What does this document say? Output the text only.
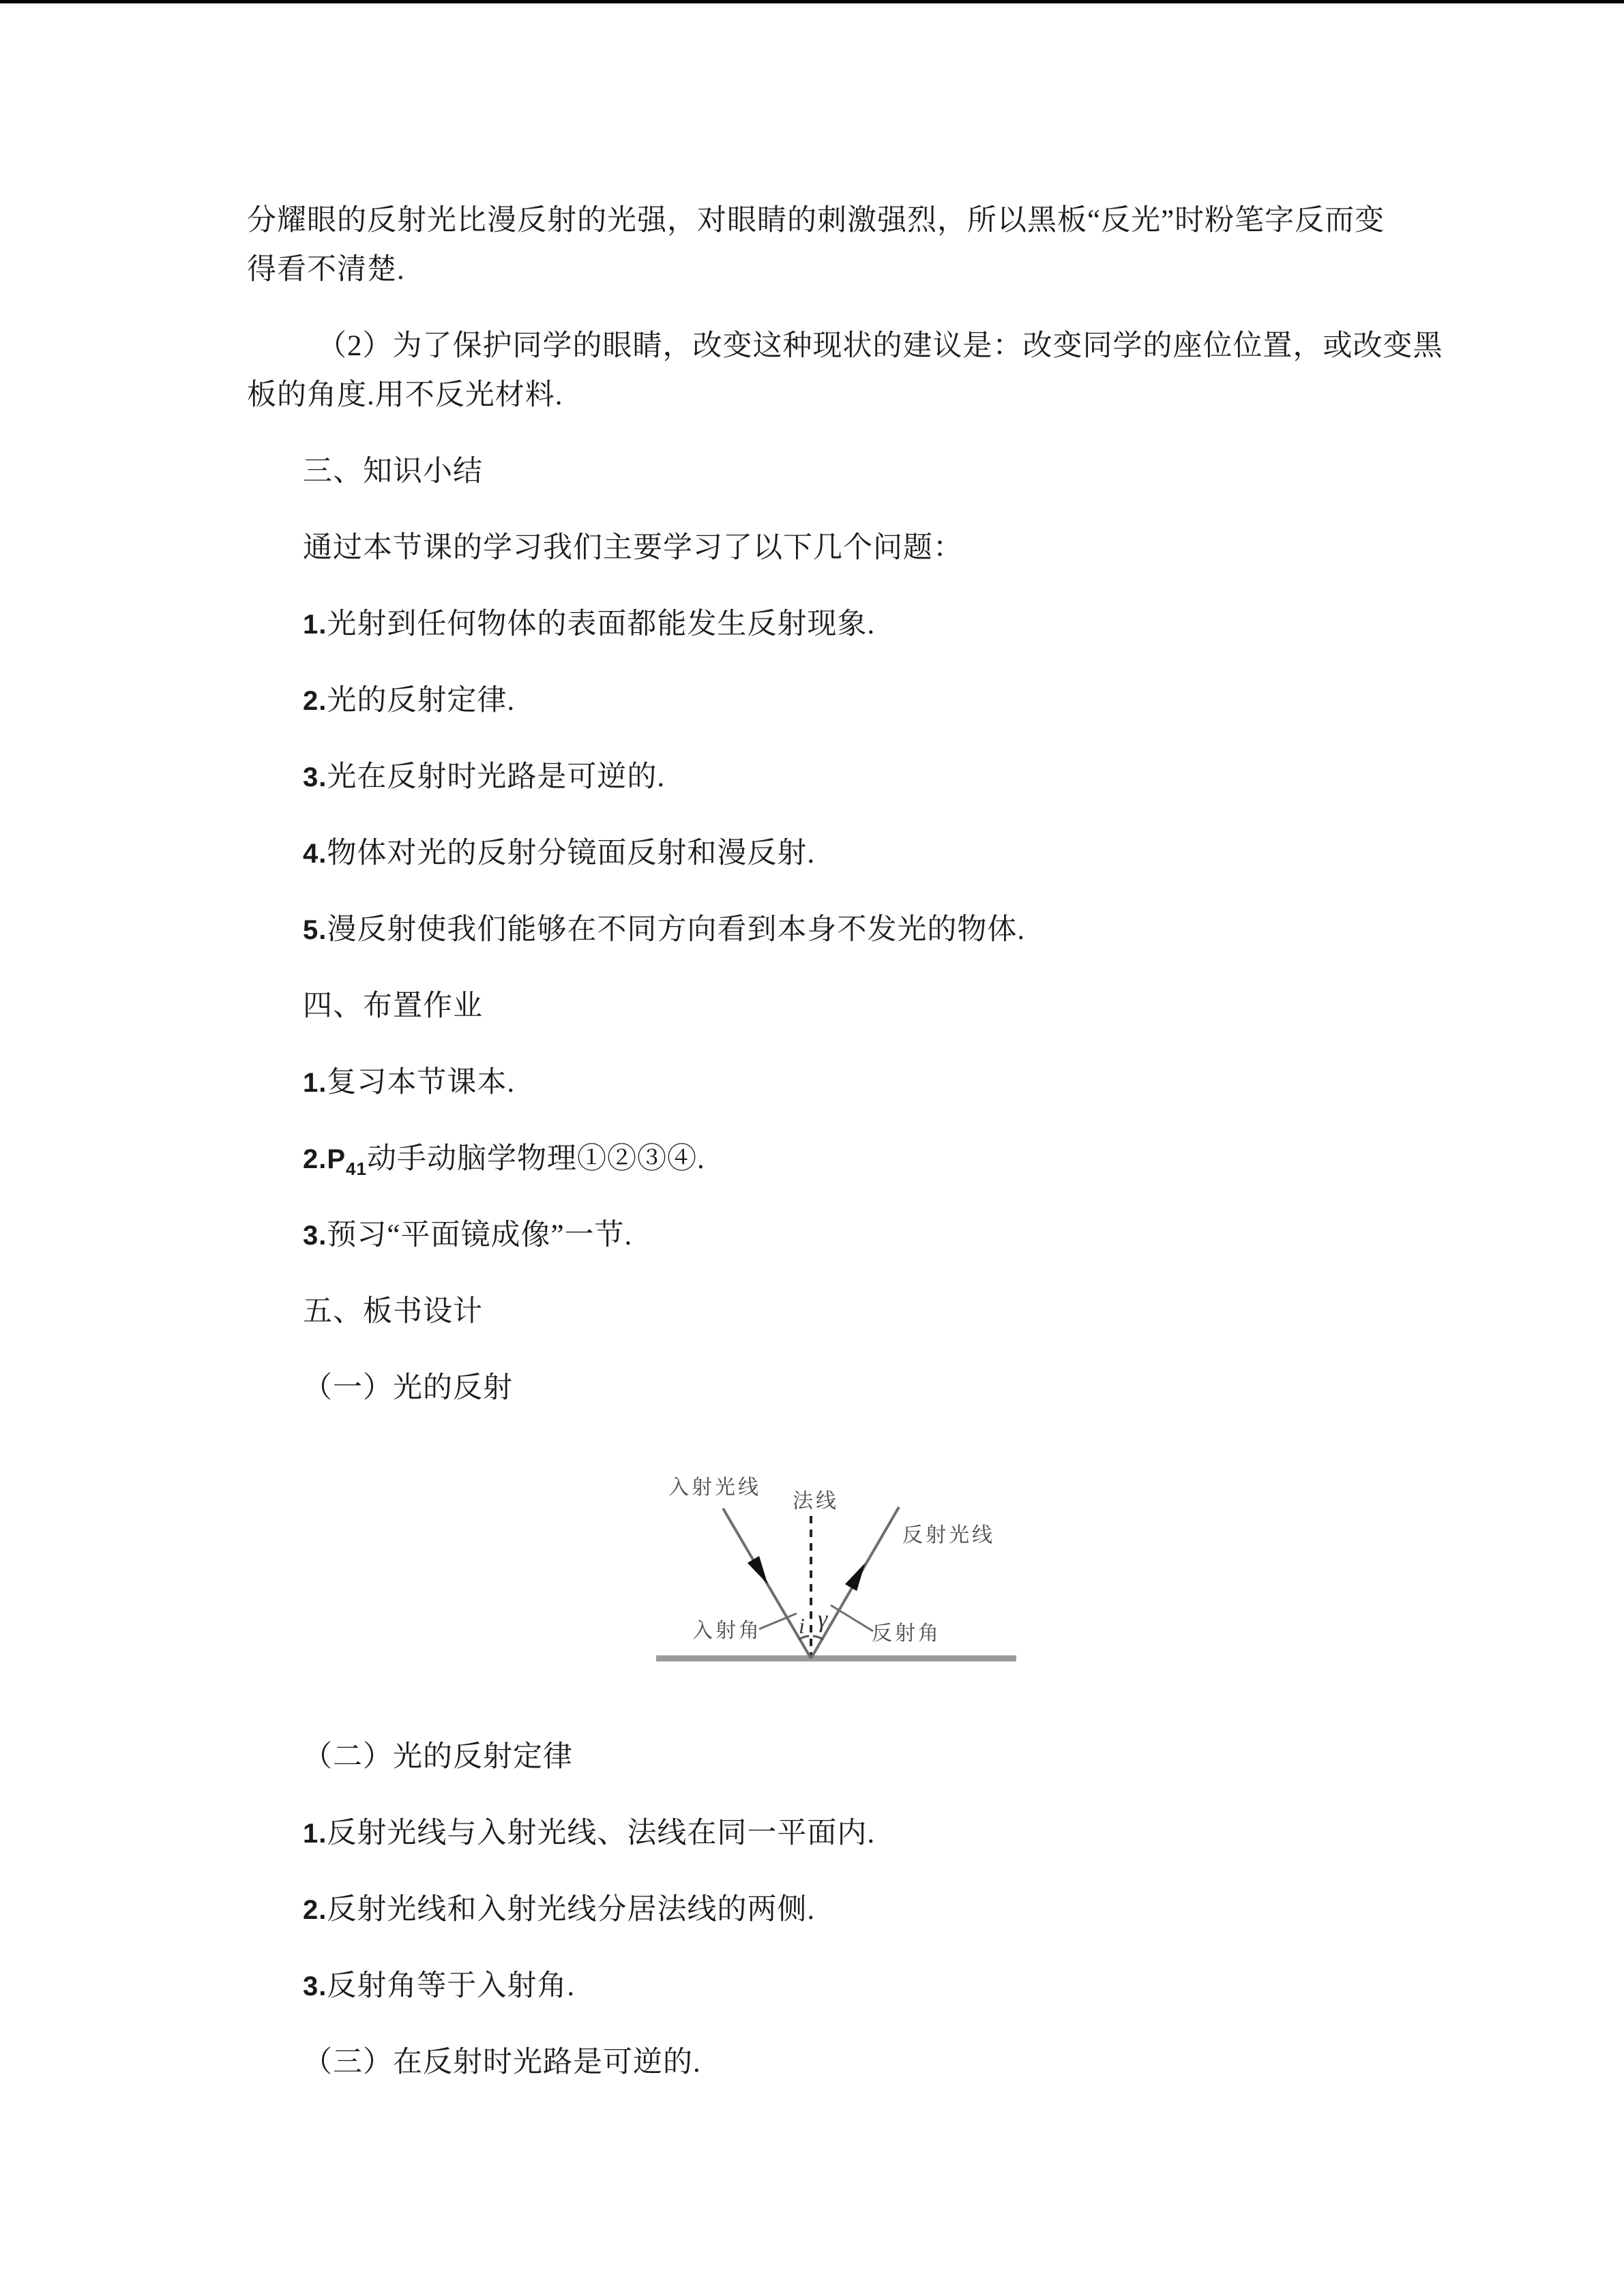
分耀眼的反射光比漫反射的光强，对眼睛的刺激强烈，所以黑板“反光”时粉笔字反而变
得看不清楚.
（2）为了保护同学的眼睛，改变这种现状的建议是：改变同学的座位位置，或改变黑
板的角度.用不反光材料.
三、知识小结
通过本节课的学习我们主要学习了以下几个问题：
1.光射到任何物体的表面都能发生反射现象.
2.光的反射定律.
3.光在反射时光路是可逆的.
4.物体对光的反射分镜面反射和漫反射.
5.漫反射使我们能够在不同方向看到本身不发光的物体.
四、布置作业
1.复习本节课本.
$2.P_{41}$动手动脑学物理①②③④.
3.预习“平面镜成像”一节.
五、板书设计
（一）光的反射
（二）光的反射定律
1.反射光线与入射光线、法线在同一平面内.
2.反射光线和入射光线分居法线的两侧.
3.反射角等于入射角.
（三）在反射时光路是可逆的.
入射光线
法线
反射光线
入射角	反射角
i γ
